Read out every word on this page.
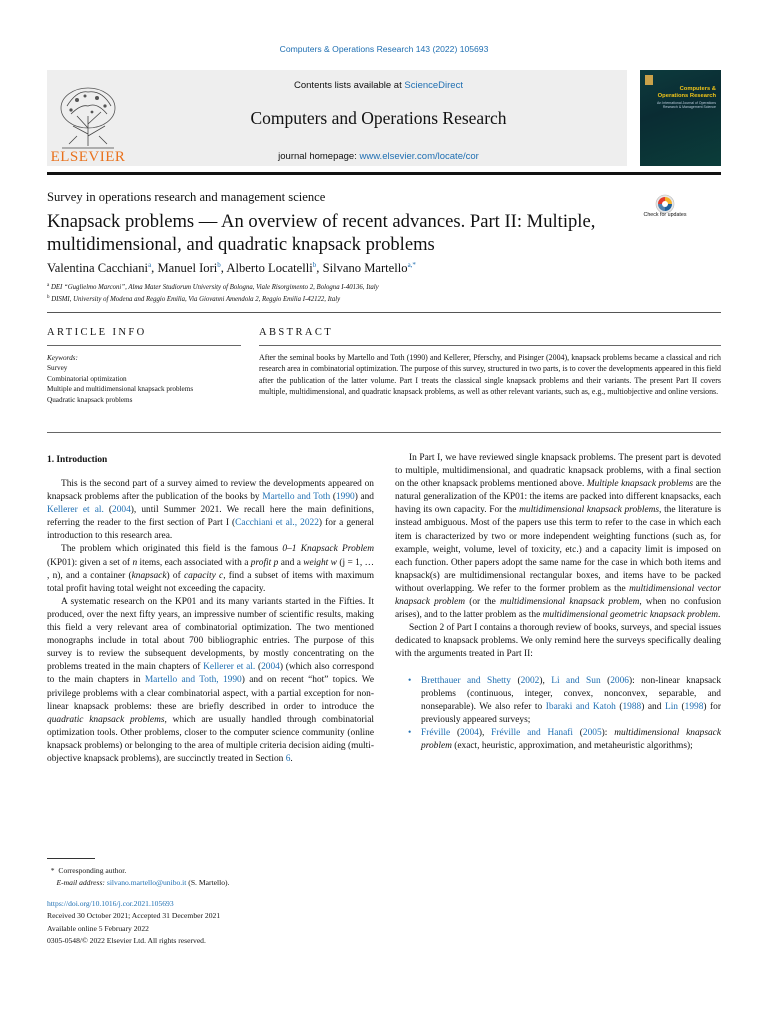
Computers & Operations Research 143 (2022) 105693
ELSEVIER
Contents lists available at ScienceDirect
Computers and Operations Research
journal homepage: www.elsevier.com/locate/cor
Computers & Operations Research
An International Journal of Operations Research & Management Science
Survey in operations research and management science
Knapsack problems — An overview of recent advances. Part II: Multiple, multidimensional, and quadratic knapsack problems
Check for updates
Valentina Cacchiani$^a$, Manuel Iori$^b$, Alberto Locatelli$^b$, Silvano Martello$^{a,*}$
$^a$ DEI “Guglielmo Marconi”, Alma Mater Studiorum University of Bologna, Viale Risorgimento 2, Bologna I-40136, Italy
$^b$ DISMI, University of Modena and Reggio Emilia, Via Giovanni Amendola 2, Reggio Emilia I-42122, Italy
ARTICLE INFO	ABSTRACT
Keywords:
Survey
Combinatorial optimization
Multiple and multidimensional knapsack problems
Quadratic knapsack problems
After the seminal books by Martello and Toth (1990) and Kellerer, Pferschy, and Pisinger (2004), knapsack problems became a classical and rich research area in combinatorial optimization. The purpose of this survey, structured in two parts, is to cover the developments appeared in this field after the publication of the latter volume. Part I treats the classical single knapsack problems and their variants. The present Part II covers multiple, multidimensional, and quadratic knapsack problems, as well as other relevant variants, such as, e.g., multiobjective and online versions.
1. Introduction

This is the second part of a survey aimed to review the developments appeared on knapsack problems after the publication of the books by Martello and Toth (1990) and Kellerer et al. (2004), until Summer 2021. We recall here the main definitions, referring the reader to the first section of Part I (Cacchiani et al., 2022) for a general introduction to this research area.

The problem which originated this field is the famous 0–1 Knapsack Problem (KP01): given a set of n items, each associated with a profit p and a weight w (j = 1, … , n), and a container (knapsack) of capacity c, find a subset of items with maximum total profit having total weight not exceeding the capacity.

A systematic research on the KP01 and its many variants started in the Fifties. It produced, over the next fifty years, an impressive number of scientific results, making this field a very relevant area of combinatorial optimization. The two mentioned monographs include in total about 700 bibliographic entries. The purpose of this survey is to review the subsequent developments, by mostly concentrating on the problems treated in the main chapters of Kellerer et al. (2004) (which also correspond to the main chapters in Martello and Toth, 1990) and on recent “hot” topics. We privilege problems with a clear combinatorial aspect, with a partial exception for non-linear knapsack problems: these are briefly described in order to introduce the quadratic knapsack problems, which are usually handled through combinatorial optimization tools. Other problems, closer to the computer science community (online knapsack problems) or belonging to the area of multiple criteria decision aiding (multi-objective knapsack problems), are succinctly treated in Section 6.

In Part I, we have reviewed single knapsack problems. The present part is devoted to multiple, multidimensional, and quadratic knapsack problems, with a final section on the other knapsack problems mentioned above. Multiple knapsack problems are the natural generalization of the KP01: the items are packed into different knapsacks, each having its own capacity. For the multidimensional knapsack problems, the literature is instead ambiguous. Most of the papers use this term to refer to the case in which each item is characterized by two or more independent weighting functions (such as, for example, weight, volume, level of toxicity, etc.) and a capacity limit is imposed on each function. Other papers adopt the same name for the case in which both items and knapsack(s) are multidimensional rectangular boxes, and items have to be packed without overlapping. We refer to the former problem as the multidimensional vector knapsack problem (or the multidimensional knapsack problem, when no confusion arises), and to the latter problem as the multidimensional geometric knapsack problem.

Section 2 of Part I contains a thorough review of books, surveys, and special issues dedicated to knapsack problems. We only remind here the surveys specifically dealing with the arguments treated in Part II:

• Bretthauer and Shetty (2002), Li and Sun (2006): non-linear knapsack problems (continuous, integer, convex, nonconvex, separable, and nonseparable). We also refer to Ibaraki and Katoh (1988) and Lin (1998) for previously appeared surveys;
• Fréville (2004), Fréville and Hanafi (2005): multidimensional knapsack problem (exact, heuristic, approximation, and metaheuristic algorithms);
* Corresponding author.
E-mail address: silvano.martello@unibo.it (S. Martello).
https://doi.org/10.1016/j.cor.2021.105693
Received 30 October 2021; Accepted 31 December 2021
Available online 5 February 2022
0305-0548/© 2022 Elsevier Ltd. All rights reserved.
